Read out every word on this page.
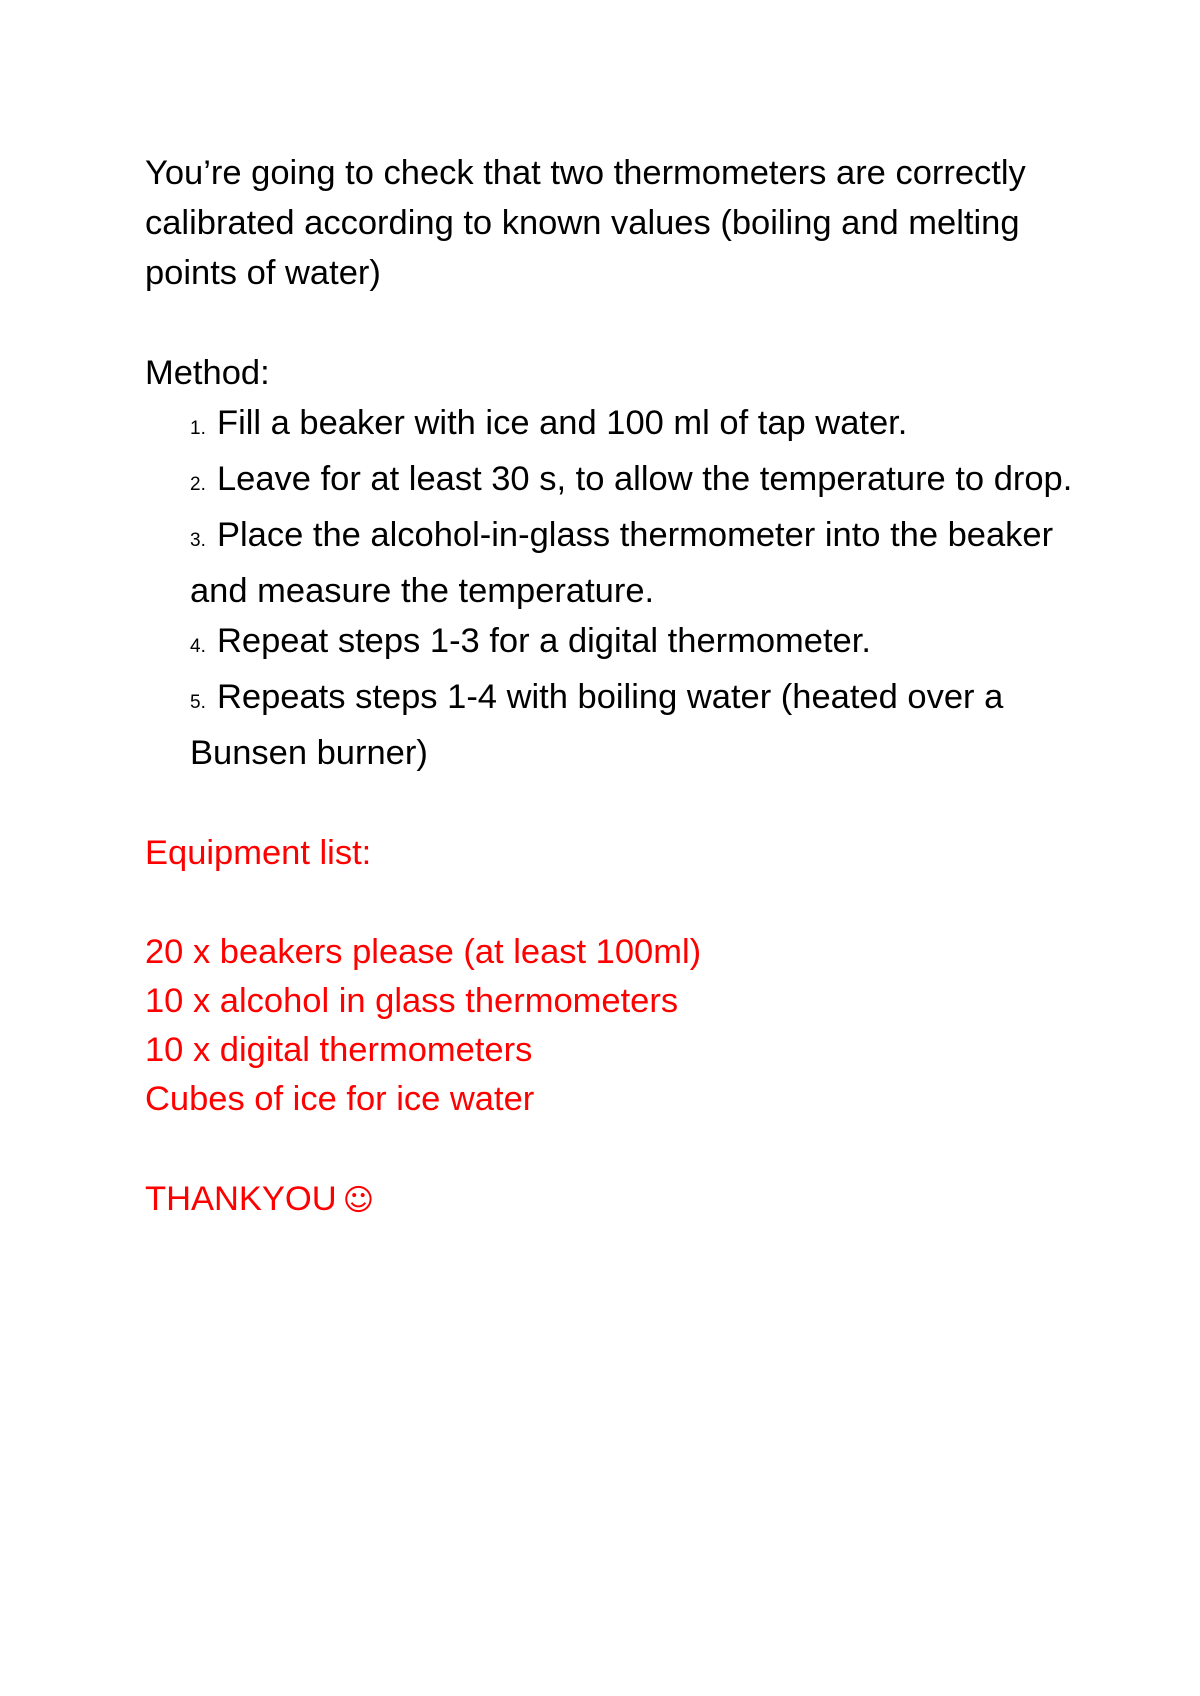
You’re going to check that two thermometers are correctly calibrated according to known values (boiling and melting points of water)

Method:

1. Fill a beaker with ice and 100 ml of tap water.
2. Leave for at least 30 s, to allow the temperature to drop.
3. Place the alcohol-in-glass thermometer into the beaker and measure the temperature.
4. Repeat steps 1-3 for a digital thermometer.
5. Repeats steps 1-4 with boiling water (heated over a Bunsen burner)

Equipment list:

20 x beakers please (at least 100ml)

10 x alcohol in glass thermometers

10 x digital thermometers

Cubes of ice for ice water

THANKYOU ☺
